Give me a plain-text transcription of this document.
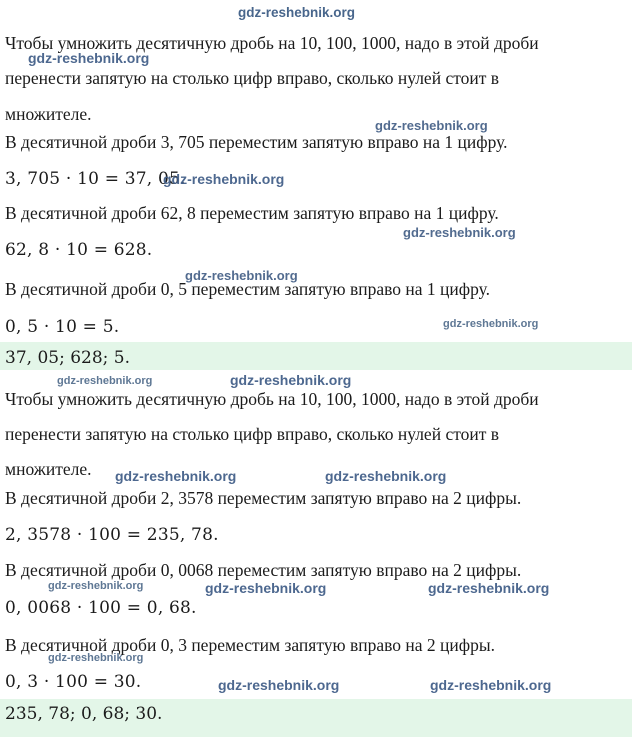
Чтобы умножить десятичную дробь на 10, 100, 1000, надо в этой дроби
перенести запятую на столько цифр вправо, сколько нулей стоит в
множителе.
В десятичной дроби 3, 705 переместим запятую вправо на 1 цифру.
3, 705 · 10 = 37, 05.
В десятичной дроби 62, 8 переместим запятую вправо на 1 цифру.
62, 8 · 10 = 628.
В десятичной дроби 0, 5 переместим запятую вправо на 1 цифру.
0, 5 · 10 = 5.
37, 05; 628; 5.
Чтобы умножить десятичную дробь на 10, 100, 1000, надо в этой дроби
перенести запятую на столько цифр вправо, сколько нулей стоит в
множителе.
В десятичной дроби 2, 3578 переместим запятую вправо на 2 цифры.
2, 3578 · 100 = 235, 78.
В десятичной дроби 0, 0068 переместим запятую вправо на 2 цифры.
0, 0068 · 100 = 0, 68.
В десятичной дроби 0, 3 переместим запятую вправо на 2 цифры.
0, 3 · 100 = 30.
235, 78; 0, 68; 30.
gdz-reshebnik.org
gdz-reshebnik.org
gdz-reshebnik.org
gdz-reshebnik.org
gdz-reshebnik.org
gdz-reshebnik.org
gdz-reshebnik.org
gdz-reshebnik.org	gdz-reshebnik.org
gdz-reshebnik.org	gdz-reshebnik.org
gdz-reshebnik.org	gdz-reshebnik.org	gdz-reshebnik.org
gdz-reshebnik.org
gdz-reshebnik.org	gdz-reshebnik.org
